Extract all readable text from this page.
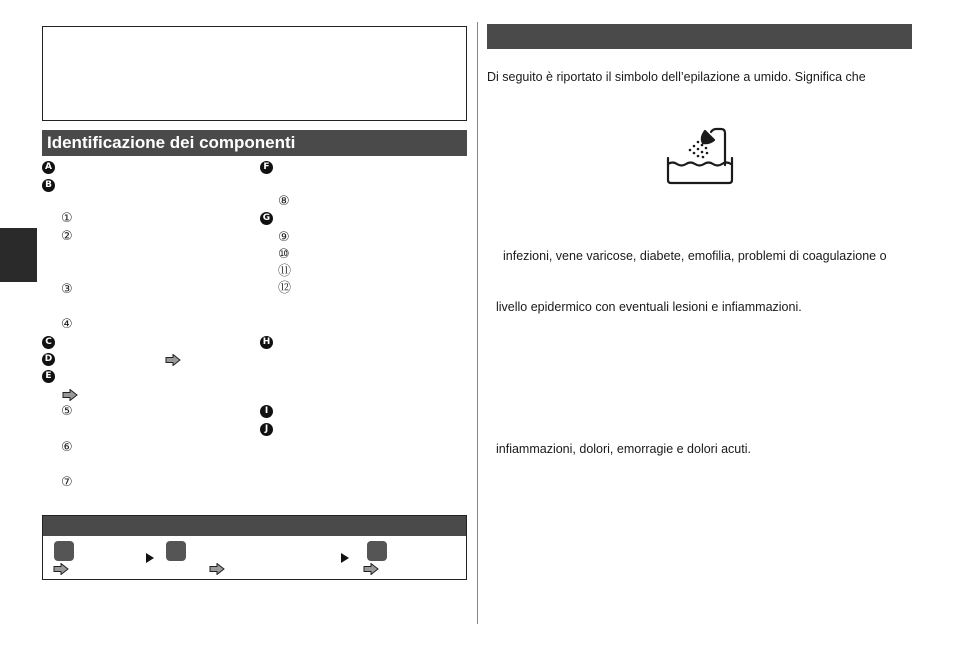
Identificazione dei componenti
A
B
C
D
E
F
G
H
I
J
①
②
③
④
⑤
⑥
⑦
⑧
⑨
⑩
⑪
⑫
Di seguito è riportato il simbolo dell’epilazione a umido. Significa che
infezioni, vene varicose, diabete, emofilia, problemi di coagulazione o
livello epidermico con eventuali lesioni e infiammazioni.
infiammazioni, dolori, emorragie e dolori acuti.
